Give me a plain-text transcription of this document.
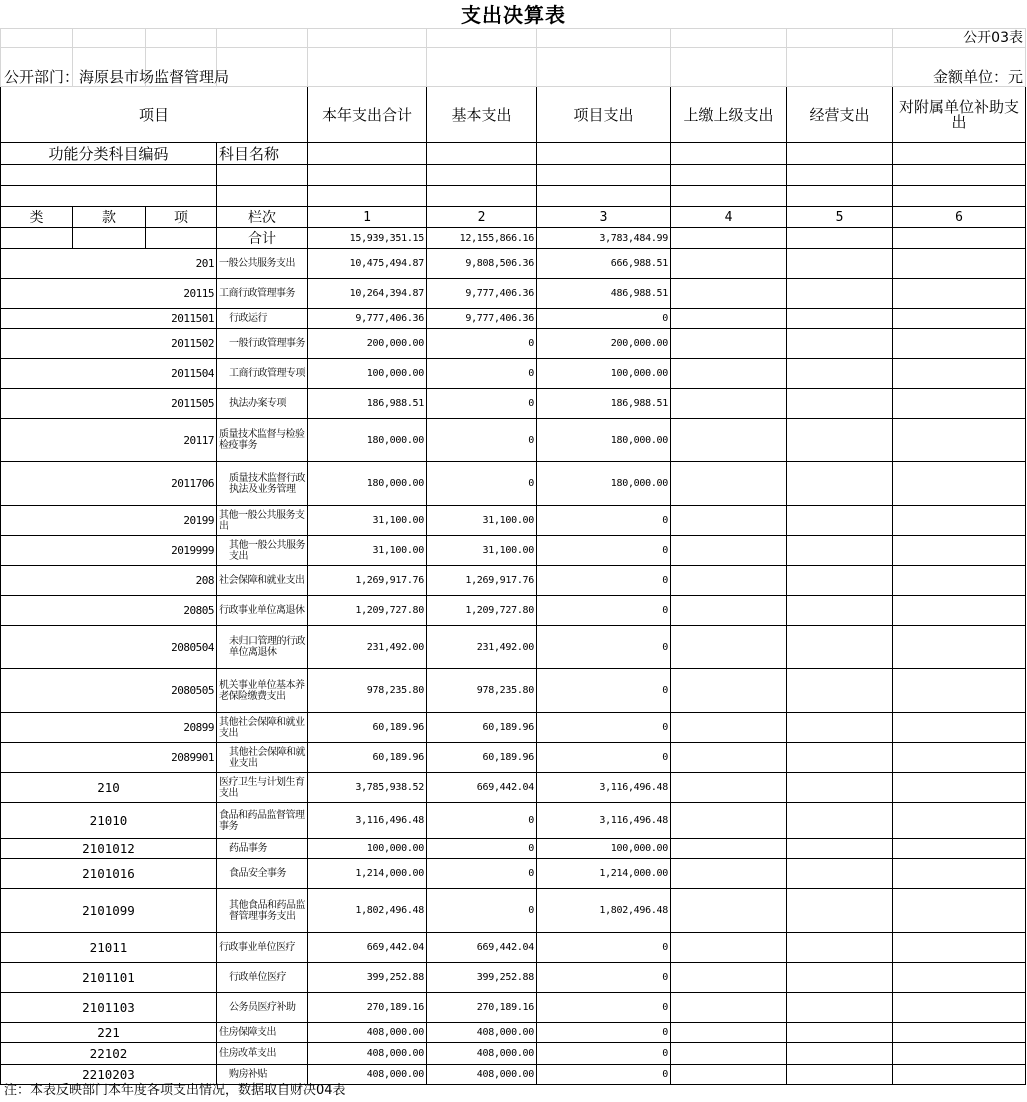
支出决算表

项目				本年支出合计	基本支出	项目支出	上缴上级支出	经营支出	对附属单位补助支出
功能分类科目编码			科目名称						

类	款	项	栏次	1	2	3	4	5	6
			合计	15,939,351.15	12,155,866.16	3,783,484.99			
201			一般公共服务支出	10,475,494.87	9,808,506.36	666,988.51			
20115			工商行政管理事务	10,264,394.87	9,777,406.36	486,988.51			
2011501			行政运行	9,777,406.36	9,777,406.36	0			
2011502			一般行政管理事务	200,000.00	0	200,000.00			
2011504			工商行政管理专项	100,000.00	0	100,000.00			
2011505			执法办案专项	186,988.51	0	186,988.51			
20117			质量技术监督与检验检疫事务	180,000.00	0	180,000.00			
2011706			质量技术监督行政执法及业务管理	180,000.00	0	180,000.00			
20199			其他一般公共服务支出	31,100.00	31,100.00	0			
2019999			其他一般公共服务支出	31,100.00	31,100.00	0			
208			社会保障和就业支出	1,269,917.76	1,269,917.76	0			
20805			行政事业单位离退休	1,209,727.80	1,209,727.80	0			
2080504			未归口管理的行政单位离退休	231,492.00	231,492.00	0			
2080505			机关事业单位基本养老保险缴费支出	978,235.80	978,235.80	0			
20899			其他社会保障和就业支出	60,189.96	60,189.96	0			
2089901			其他社会保障和就业支出	60,189.96	60,189.96	0			
210			医疗卫生与计划生育支出	3,785,938.52	669,442.04	3,116,496.48			
21010			食品和药品监督管理事务	3,116,496.48	0	3,116,496.48			
2101012			药品事务	100,000.00	0	100,000.00			
2101016			食品安全事务	1,214,000.00	0	1,214,000.00			
2101099			其他食品和药品监督管理事务支出	1,802,496.48	0	1,802,496.48			
21011			行政事业单位医疗	669,442.04	669,442.04	0			
2101101			行政单位医疗	399,252.88	399,252.88	0			
2101103			公务员医疗补助	270,189.16	270,189.16	0			
221			住房保障支出	408,000.00	408,000.00	0			
22102			住房改革支出	408,000.00	408,000.00	0			
2210203			购房补贴	408,000.00	408,000.00	0			
公开03表
公开部门：海原县市场监督管理局	金额单位：元
注：本表反映部门本年度各项支出情况，数据取自财决04表
